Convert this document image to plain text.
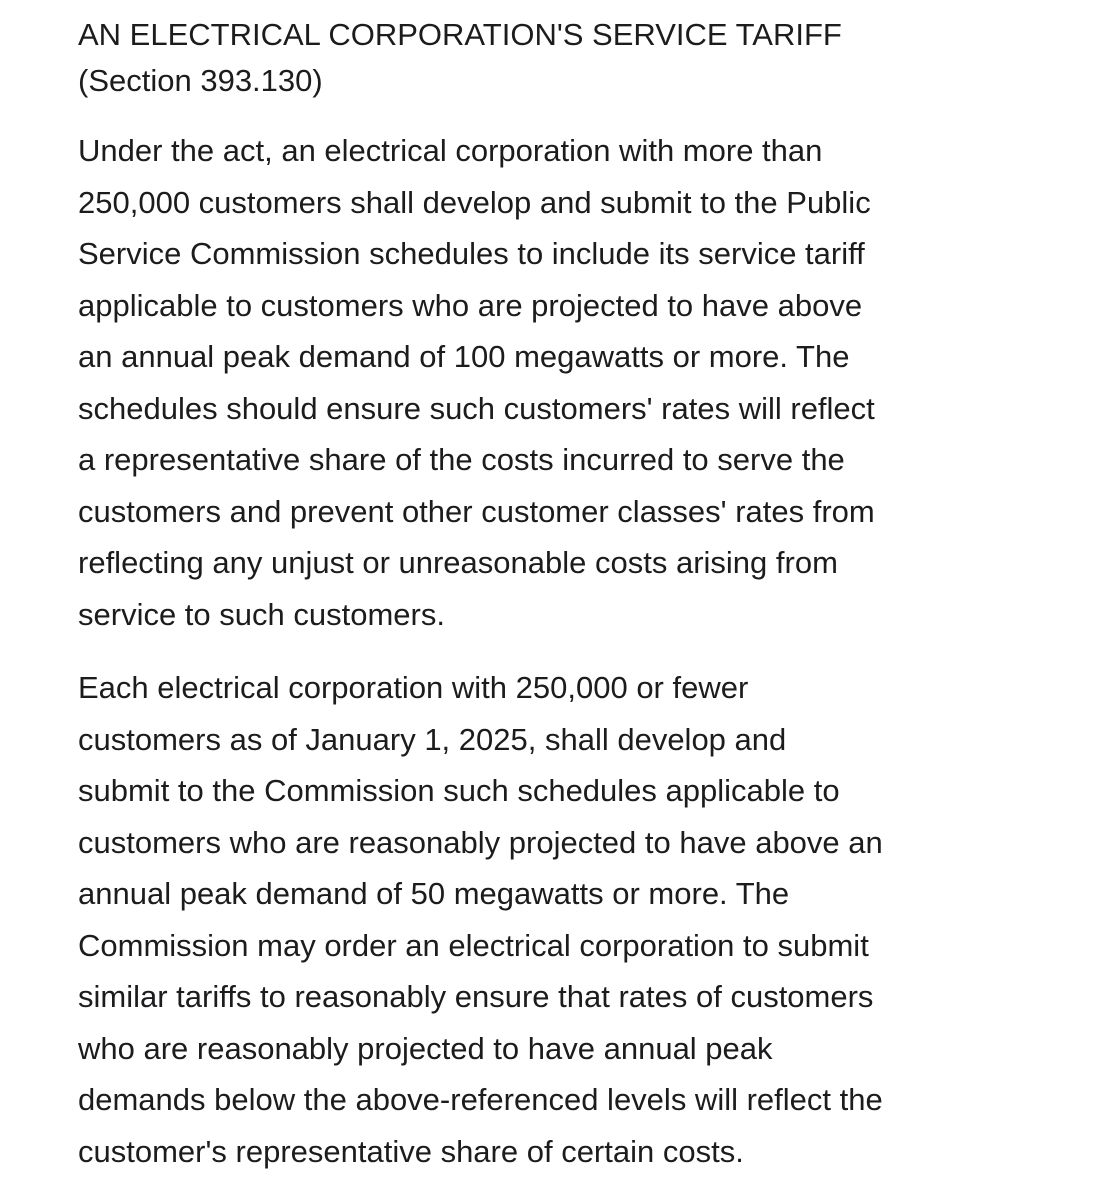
AN ELECTRICAL CORPORATION'S SERVICE TARIFF
(Section 393.130)

Under the act, an electrical corporation with more than
250,000 customers shall develop and submit to the Public
Service Commission schedules to include its service tariff
applicable to customers who are projected to have above
an annual peak demand of 100 megawatts or more. The
schedules should ensure such customers' rates will reflect
a representative share of the costs incurred to serve the
customers and prevent other customer classes' rates from
reflecting any unjust or unreasonable costs arising from
service to such customers.

Each electrical corporation with 250,000 or fewer
customers as of January 1, 2025, shall develop and
submit to the Commission such schedules applicable to
customers who are reasonably projected to have above an
annual peak demand of 50 megawatts or more. The
Commission may order an electrical corporation to submit
similar tariffs to reasonably ensure that rates of customers
who are reasonably projected to have annual peak
demands below the above-referenced levels will reflect the
customer's representative share of certain costs.
